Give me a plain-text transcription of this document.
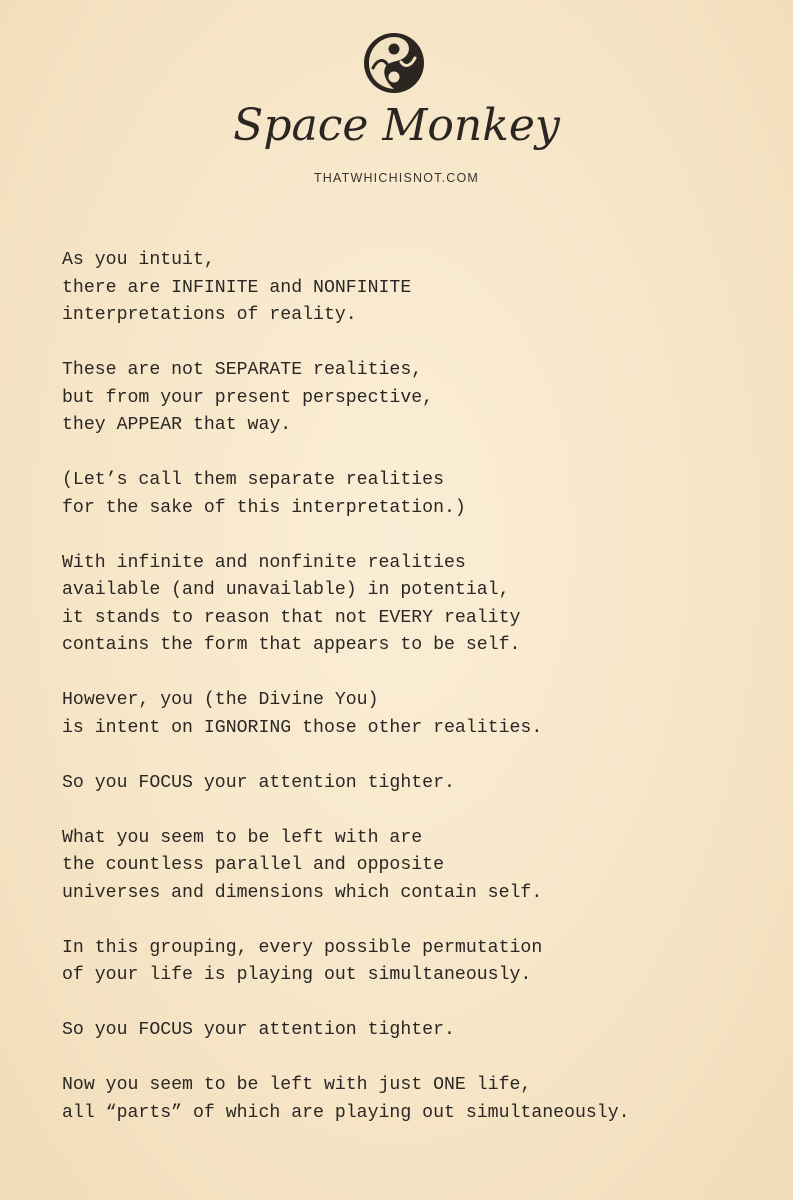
Space Monkey
THATWHICHISNOT.COM
As you intuit,
there are INFINITE and NONFINITE
interpretations of reality.
These are not SEPARATE realities,
but from your present perspective,
they APPEAR that way.
(Let’s call them separate realities
for the sake of this interpretation.)
With infinite and nonfinite realities
available (and unavailable) in potential,
it stands to reason that not EVERY reality
contains the form that appears to be self.
However, you (the Divine You)
is intent on IGNORING those other realities.
So you FOCUS your attention tighter.
What you seem to be left with are
the countless parallel and opposite
universes and dimensions which contain self.
In this grouping, every possible permutation
of your life is playing out simultaneously.
So you FOCUS your attention tighter.
Now you seem to be left with just ONE life,
all “parts” of which are playing out simultaneously.
